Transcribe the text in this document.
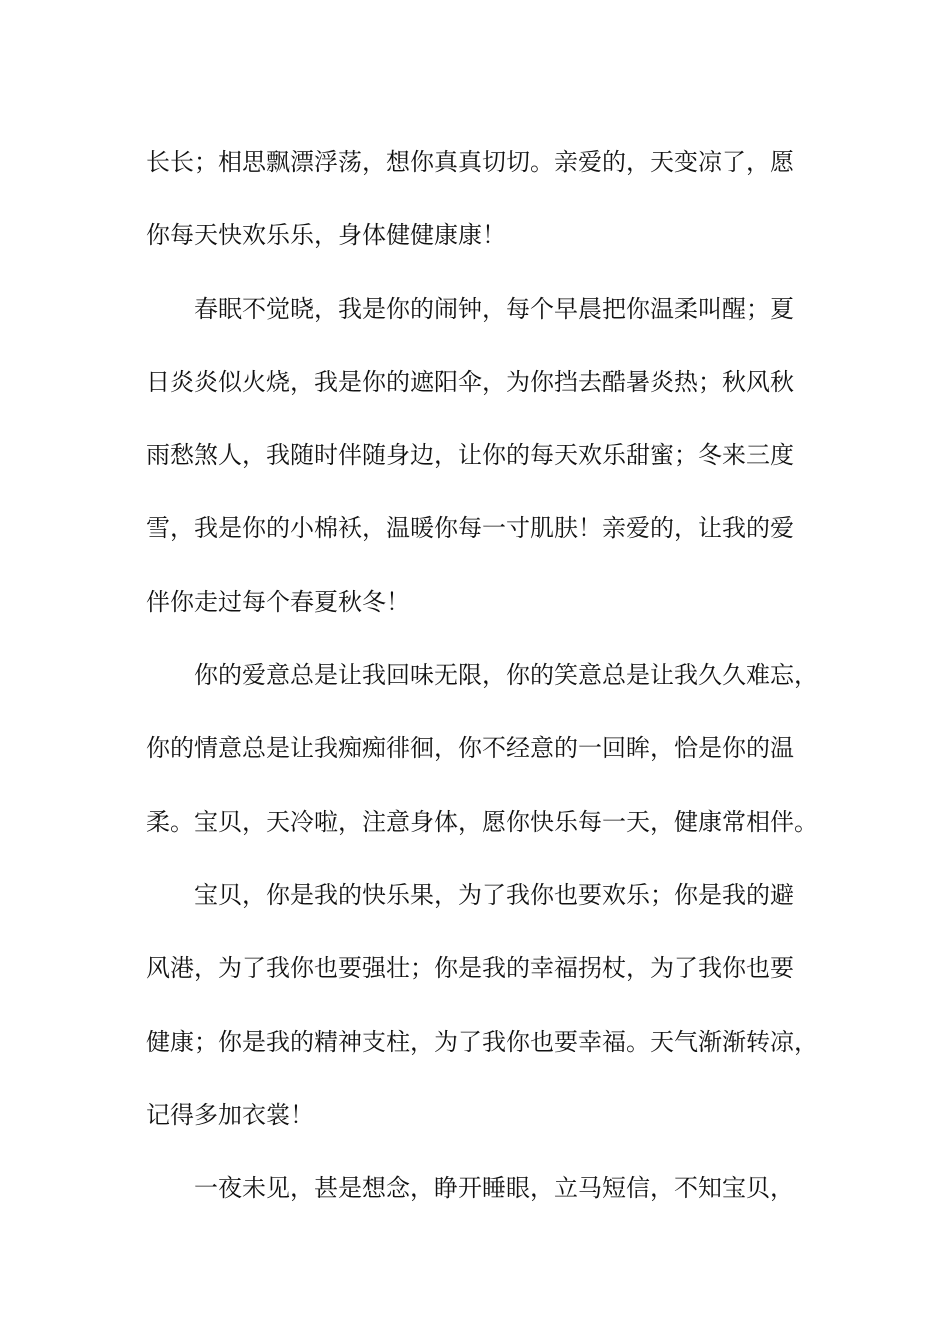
长长；相思飘漂浮荡，想你真真切切。亲爱的，天变凉了，愿
你每天快欢乐乐，身体健健康康！
春眠不觉晓，我是你的闹钟，每个早晨把你温柔叫醒；夏
日炎炎似火烧，我是你的遮阳伞，为你挡去酷暑炎热；秋风秋
雨愁煞人，我随时伴随身边，让你的每天欢乐甜蜜；冬来三度
雪，我是你的小棉袄，温暖你每一寸肌肤！亲爱的，让我的爱
伴你走过每个春夏秋冬！
你的爱意总是让我回味无限，你的笑意总是让我久久难忘，
你的情意总是让我痴痴徘徊，你不经意的一回眸，恰是你的温
柔。宝贝，天冷啦，注意身体，愿你快乐每一天，健康常相伴。
宝贝，你是我的快乐果，为了我你也要欢乐；你是我的避
风港，为了我你也要强壮；你是我的幸福拐杖，为了我你也要
健康；你是我的精神支柱，为了我你也要幸福。天气渐渐转凉，
记得多加衣裳！
一夜未见，甚是想念，睁开睡眼，立马短信，不知宝贝，
